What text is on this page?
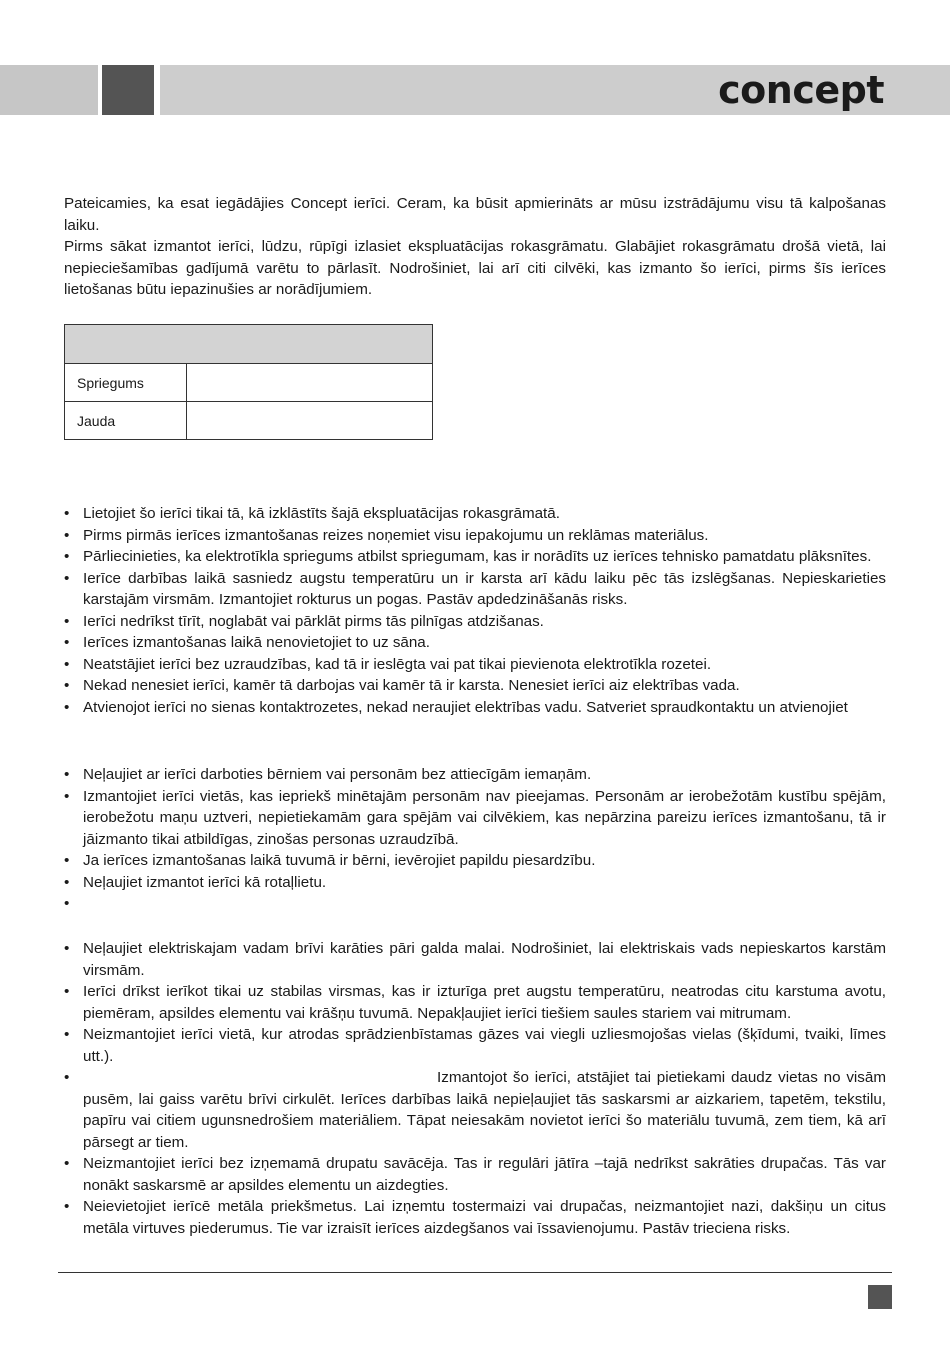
concept

Pateicamies, ka esat iegādājies Concept ierīci. Ceram, ka būsit apmierināts ar mūsu izstrādājumu visu tā kalpošanas laiku.

Pirms sākat izmantot ierīci, lūdzu, rūpīgi izlasiet ekspluatācijas rokasgrāmatu. Glabājiet rokasgrāmatu drošā vietā, lai nepieciešamības gadījumā varētu to pārlasīt. Nodrošiniet, lai arī citi cilvēki, kas izmanto šo ierīci, pirms šīs ierīces lietošanas būtu iepazinušies ar norādījumiem.

Spriegums	
Jauda	
• Lietojiet šo ierīci tikai tā, kā izklāstīts šajā ekspluatācijas rokasgrāmatā.
• Pirms pirmās ierīces izmantošanas reizes noņemiet visu iepakojumu un reklāmas materiālus.
• Pārliecinieties, ka elektrotīkla spriegums atbilst spriegumam, kas ir norādīts uz ierīces tehnisko pamatdatu plāksnītes.
• Ierīce darbības laikā sasniedz augstu temperatūru un ir karsta arī kādu laiku pēc tās izslēgšanas. Nepieskarieties karstajām virsmām. Izmantojiet rokturus un pogas. Pastāv apdedzināšanās risks.
• Ierīci nedrīkst tīrīt, noglabāt vai pārklāt pirms tās pilnīgas atdzišanas.
• Ierīces izmantošanas laikā nenovietojiet to uz sāna.
• Neatstājiet ierīci bez uzraudzības, kad tā ir ieslēgta vai pat tikai pievienota elektrotīkla rozetei.
• Nekad nenesiet ierīci, kamēr tā darbojas vai kamēr tā ir karsta. Nenesiet ierīci aiz elektrības vada.
• Atvienojot ierīci no sienas kontaktrozetes, nekad neraujiet elektrības vadu. Satveriet spraudkontaktu un atvienojiet
• Neļaujiet ar ierīci darboties bērniem vai personām bez attiecīgām iemaņām.
• Izmantojiet ierīci vietās, kas iepriekš minētajām personām nav pieejamas. Personām ar ierobežotām kustību spējām, ierobežotu maņu uztveri, nepietiekamām gara spējām vai cilvēkiem, kas nepārzina pareizu ierīces izmantošanu, tā ir jāizmanto tikai atbildīgas, zinošas personas uzraudzībā.
• Ja ierīces izmantošanas laikā tuvumā ir bērni, ievērojiet papildu piesardzību.
• Neļaujiet izmantot ierīci kā rotaļlietu.
•
• Neļaujiet elektriskajam vadam brīvi karāties pāri galda malai. Nodrošiniet, lai elektriskais vads nepieskartos karstām virsmām.
• Ierīci drīkst ierīkot tikai uz stabilas virsmas, kas ir izturīga pret augstu temperatūru, neatrodas citu karstuma avotu, piemēram, apsildes elementu vai krāšņu tuvumā. Nepakļaujiet ierīci tiešiem saules stariem vai mitrumam.
• Neizmantojiet ierīci vietā, kur atrodas sprādzienbīstamas gāzes vai viegli uzliesmojošas vielas (šķīdumi, tvaiki, līmes utt.).
•	Izmantojot šo ierīci, atstājiet tai pietiekami daudz vietas no visām pusēm, lai gaiss varētu brīvi cirkulēt. Ierīces darbības laikā nepieļaujiet tās saskarsmi ar aizkariem, tapetēm, tekstilu, papīru vai citiem ugunsnedrošiem materiāliem. Tāpat neiesakām novietot ierīci šo materiālu tuvumā, zem tiem, kā arī pārsegt ar tiem.
• Neizmantojiet ierīci bez izņemamā drupatu savācēja. Tas ir regulāri jātīra –tajā nedrīkst sakrāties drupačas. Tās var nonākt saskarsmē ar apsildes elementu un aizdegties.
• Neievietojiet ierīcē metāla priekšmetus. Lai izņemtu tostermaizi vai drupačas, neizmantojiet nazi, dakšiņu un citus metāla virtuves piederumus. Tie var izraisīt ierīces aizdegšanos vai īssavienojumu. Pastāv trieciena risks.
